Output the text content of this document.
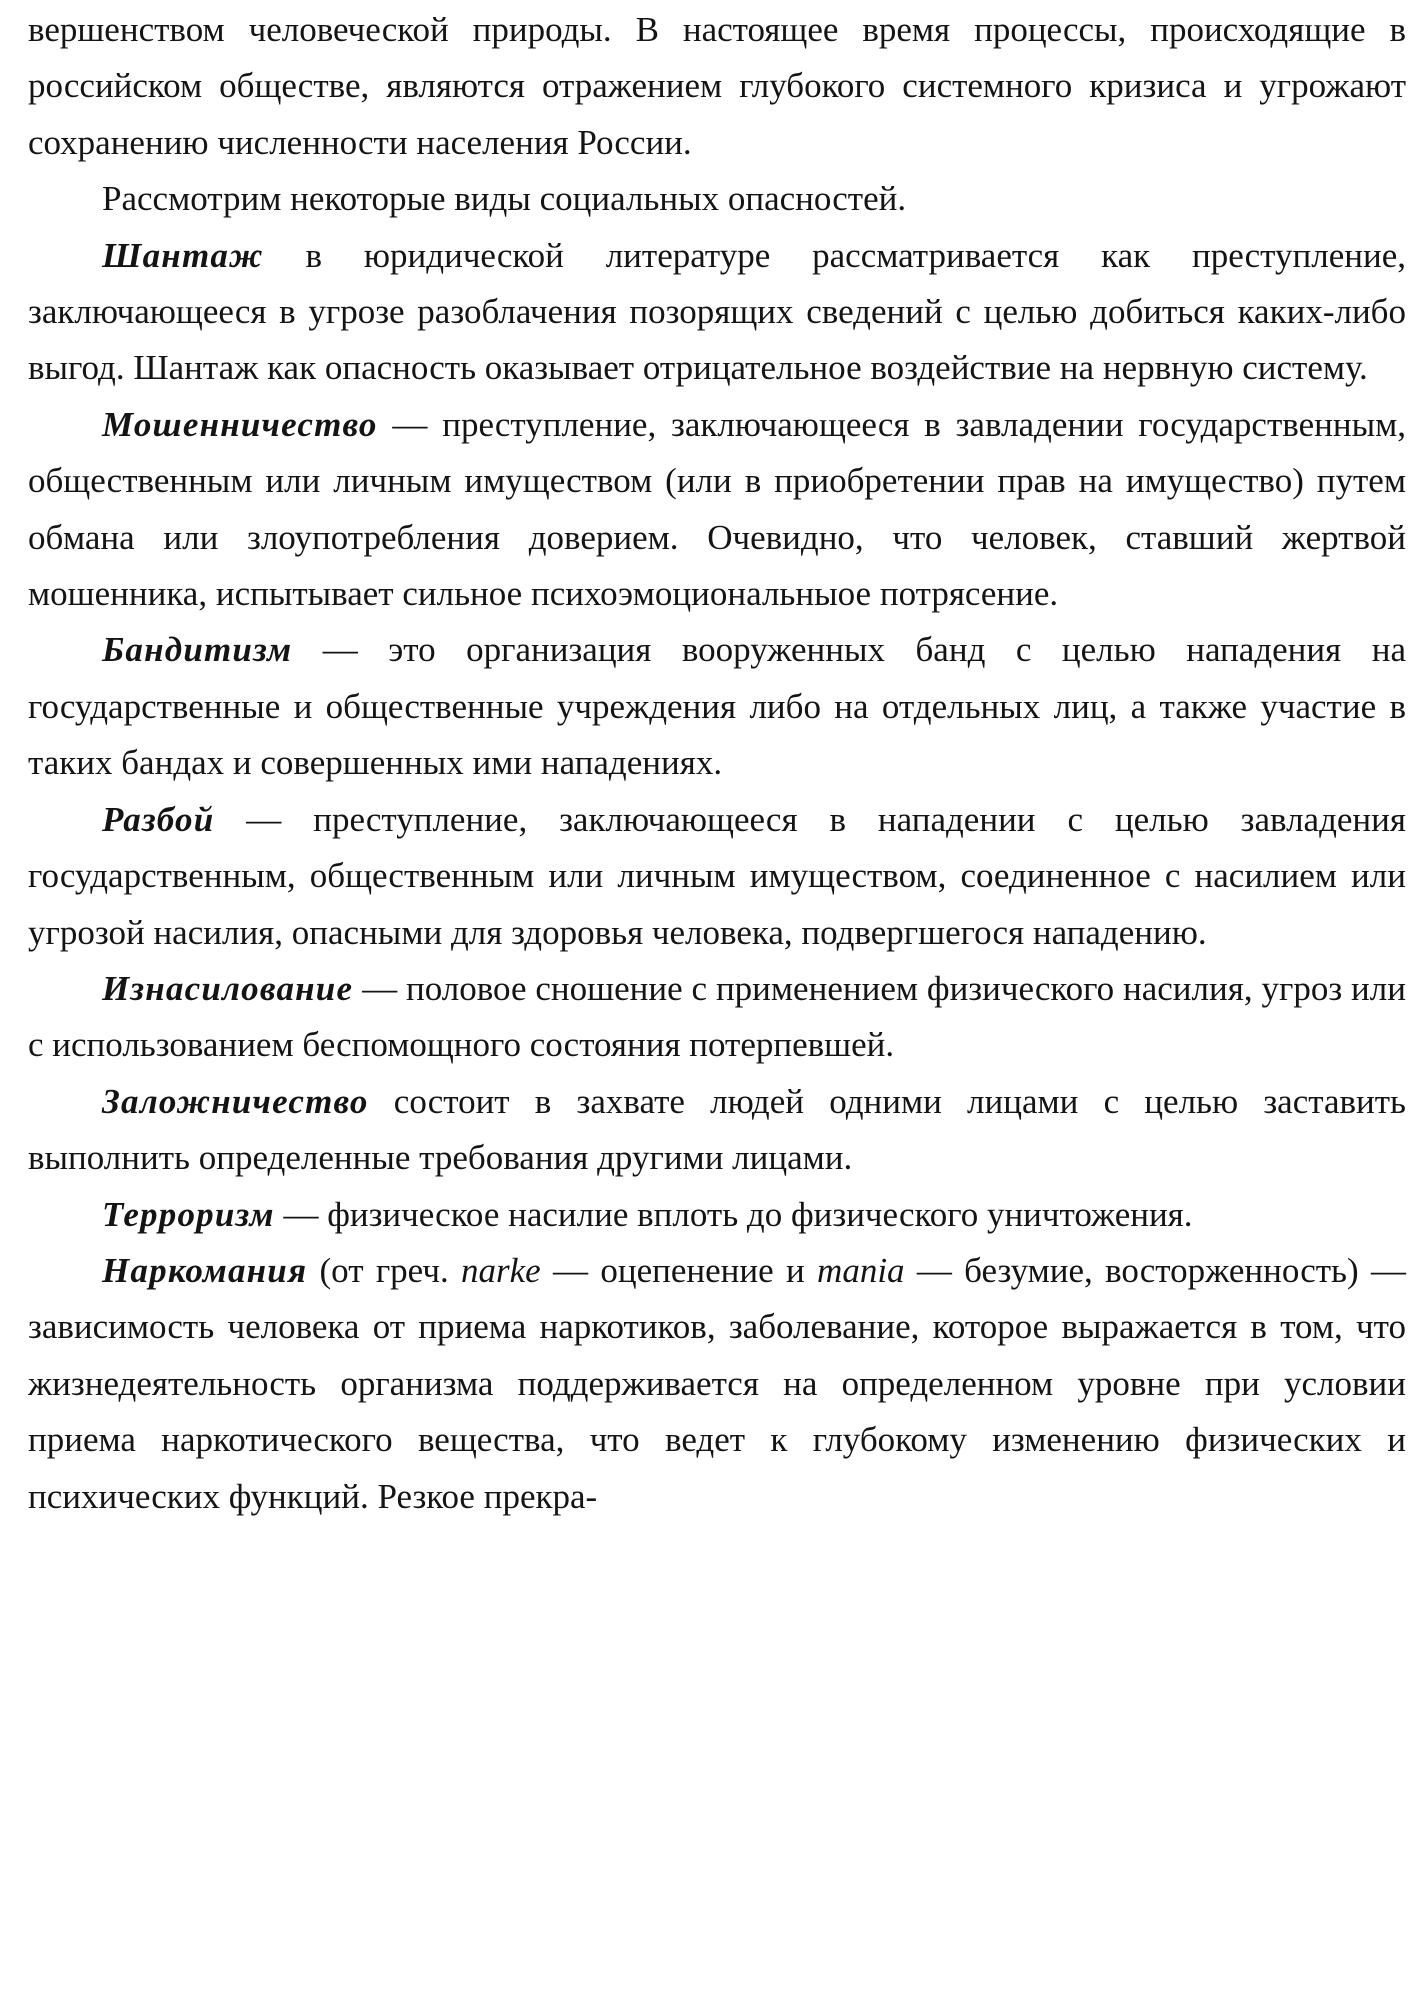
вершенством человеческой природы. В настоящее время процессы, происходящие в российском обществе, являются отражением глубокого системного кризиса и угрожают сохранению численности населения России.

Рассмотрим некоторые виды социальных опасностей.

Шантаж в юридической литературе рассматривается как преступление, заключающееся в угрозе разоблачения позорящих сведений с целью добиться каких-либо выгод. Шантаж как опасность оказывает отрицательное воздействие на нервную систему.

Мошенничество — преступление, заключающееся в завладении государственным, общественным или личным имуществом (или в приобретении прав на имущество) путем обмана или злоупотребления доверием. Очевидно, что человек, ставший жертвой мошенника, испытывает сильное психоэмоциональныое потрясение.

Бандитизм — это организация вооруженных банд с целью нападения на государственные и общественные учреждения либо на отдельных лиц, а также участие в таких бандах и совершенных ими нападениях.

Разбой — преступление, заключающееся в нападении с целью завладения государственным, общественным или личным имуществом, соединенное с насилием или угрозой насилия, опасными для здоровья человека, подвергшегося нападению.

Изнасилование — половое сношение с применением физического насилия, угроз или с использованием беспомощного состояния потерпевшей.

Заложничество состоит в захвате людей одними лицами с целью заставить выполнить определенные требования другими лицами.

Терроризм — физическое насилие вплоть до физического уничтожения.

Наркомания (от греч. narke — оцепенение и mania — безумие, восторженность) — зависимость человека от приема наркотиков, заболевание, которое выражается в том, что жизнедеятельность организма поддерживается на определенном уровне при условии приема наркотического вещества, что ведет к глубокому изменению физических и психических функций. Резкое прекра-
